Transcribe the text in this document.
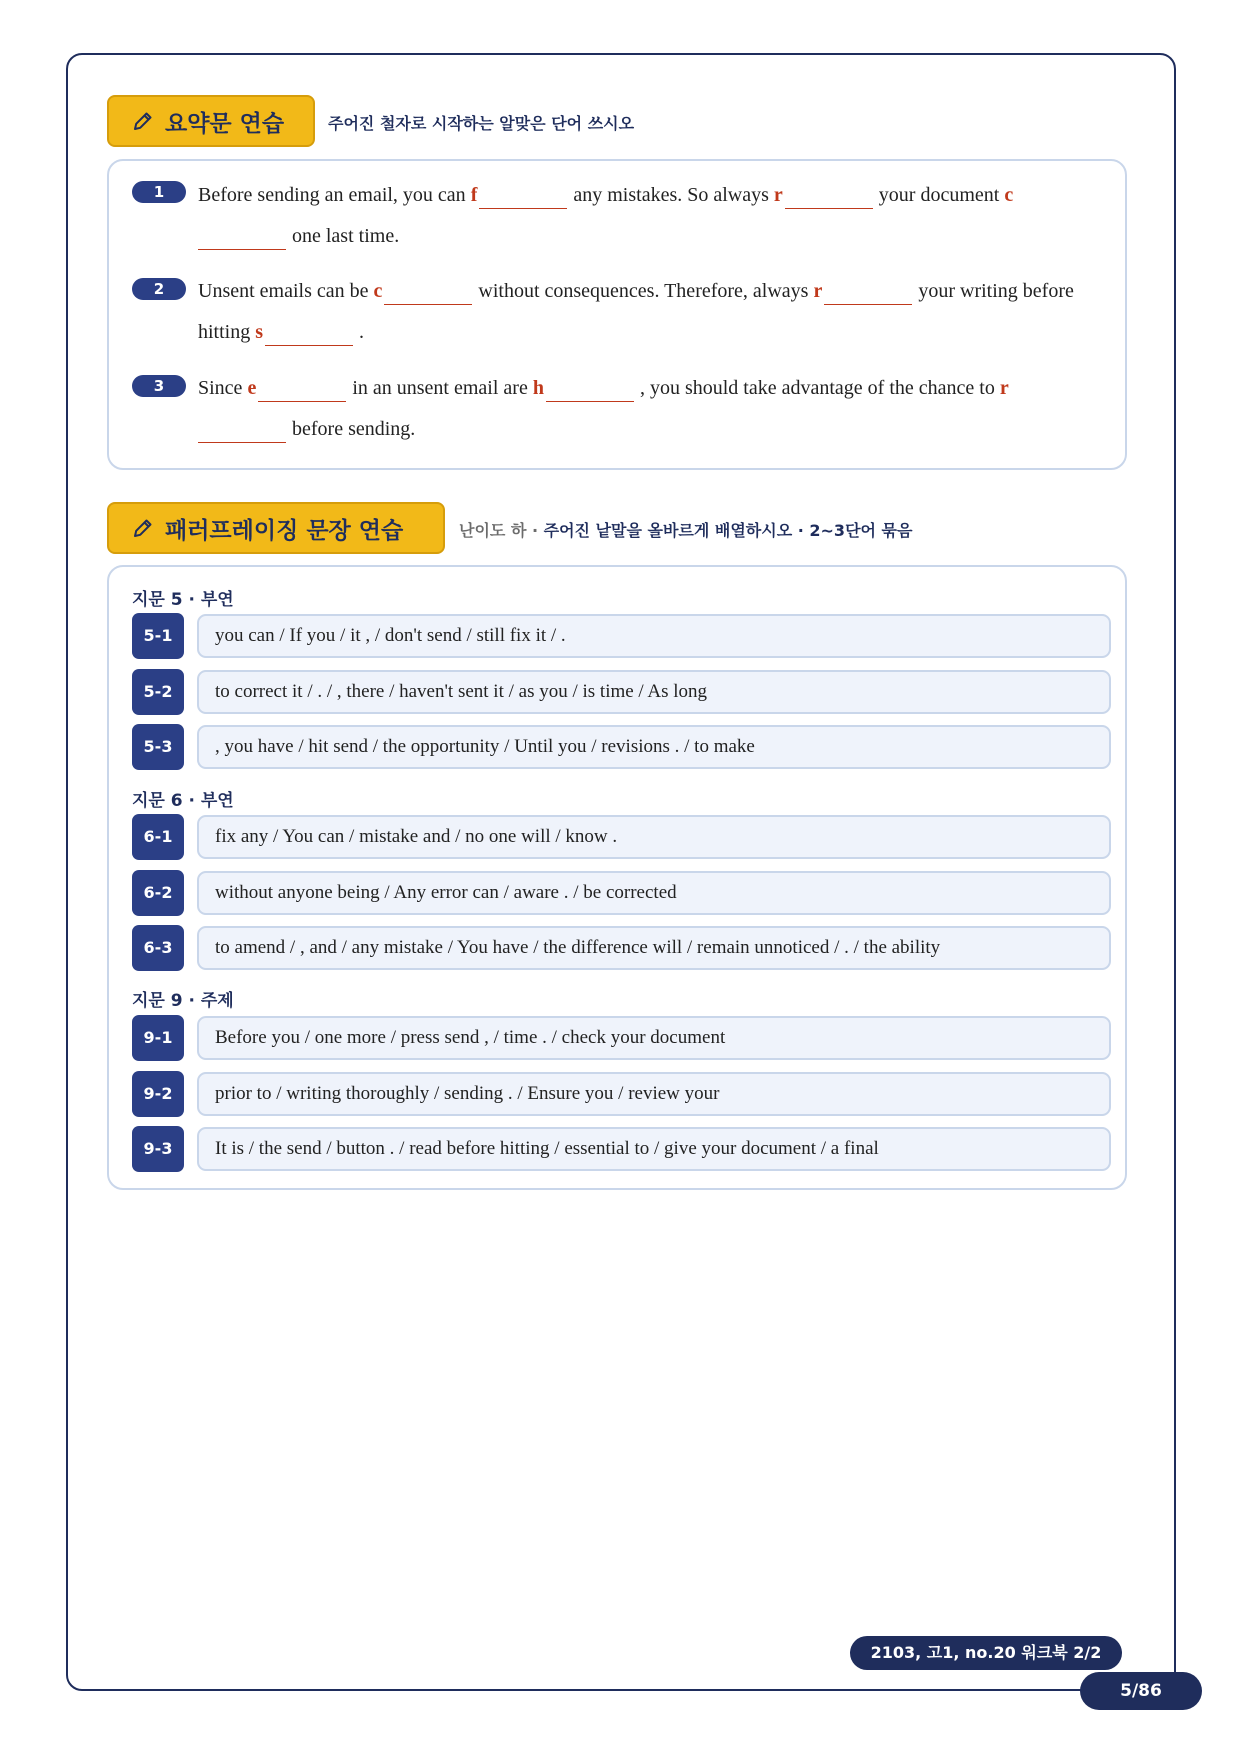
요약문 연습	주어진 철자로 시작하는 알맞은 단어 쓰시오
1	Before sending an email, you can f	any mistakes. So always r	your document c
one last time.
2	Unsent emails can be c	without consequences. Therefore, always r	your writing before hitting s	.
3	Since e	in an unsent email are h	, you should take advantage of the chance to r
before sending.
패러프레이징 문장 연습	난이도 하 · 주어진 낱말을 올바르게 배열하시오 · 2~3단어 묶음
지문 5 · 부연
5-1	you can / If you / it , / don't send / still fix it / .
5-2	to correct it / . / , there / haven't sent it / as you / is time / As long
5-3	, you have / hit send / the opportunity / Until you / revisions . / to make
지문 6 · 부연
6-1	fix any / You can / mistake and / no one will / know .
6-2	without anyone being / Any error can / aware . / be corrected
6-3	to amend / , and / any mistake / You have / the difference will / remain unnoticed / . / the ability
지문 9 · 주제
9-1	Before you / one more / press send , / time . / check your document
9-2	prior to / writing thoroughly / sending . / Ensure you / review your
9-3	It is / the send / button . / read before hitting / essential to / give your document / a final
2103, 고1, no.20 워크북 2/2
5/86
